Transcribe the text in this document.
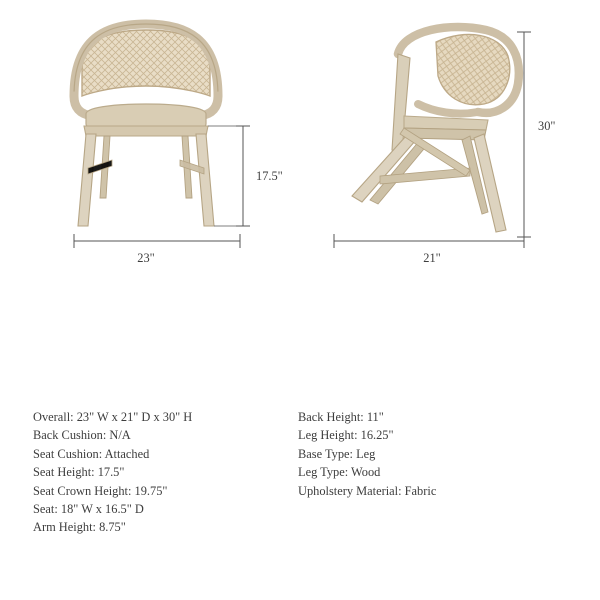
17.5"
23"
30"
21"
Overall: 23" W x 21" D x 30" H
Back Cushion: N/A
Seat Cushion: Attached
Seat Height: 17.5"
Seat Crown Height: 19.75"
Seat: 18" W x 16.5" D
Arm Height: 8.75"
Back Height: 11"
Leg Height: 16.25"
Base Type: Leg
Leg Type: Wood
Upholstery Material: Fabric
